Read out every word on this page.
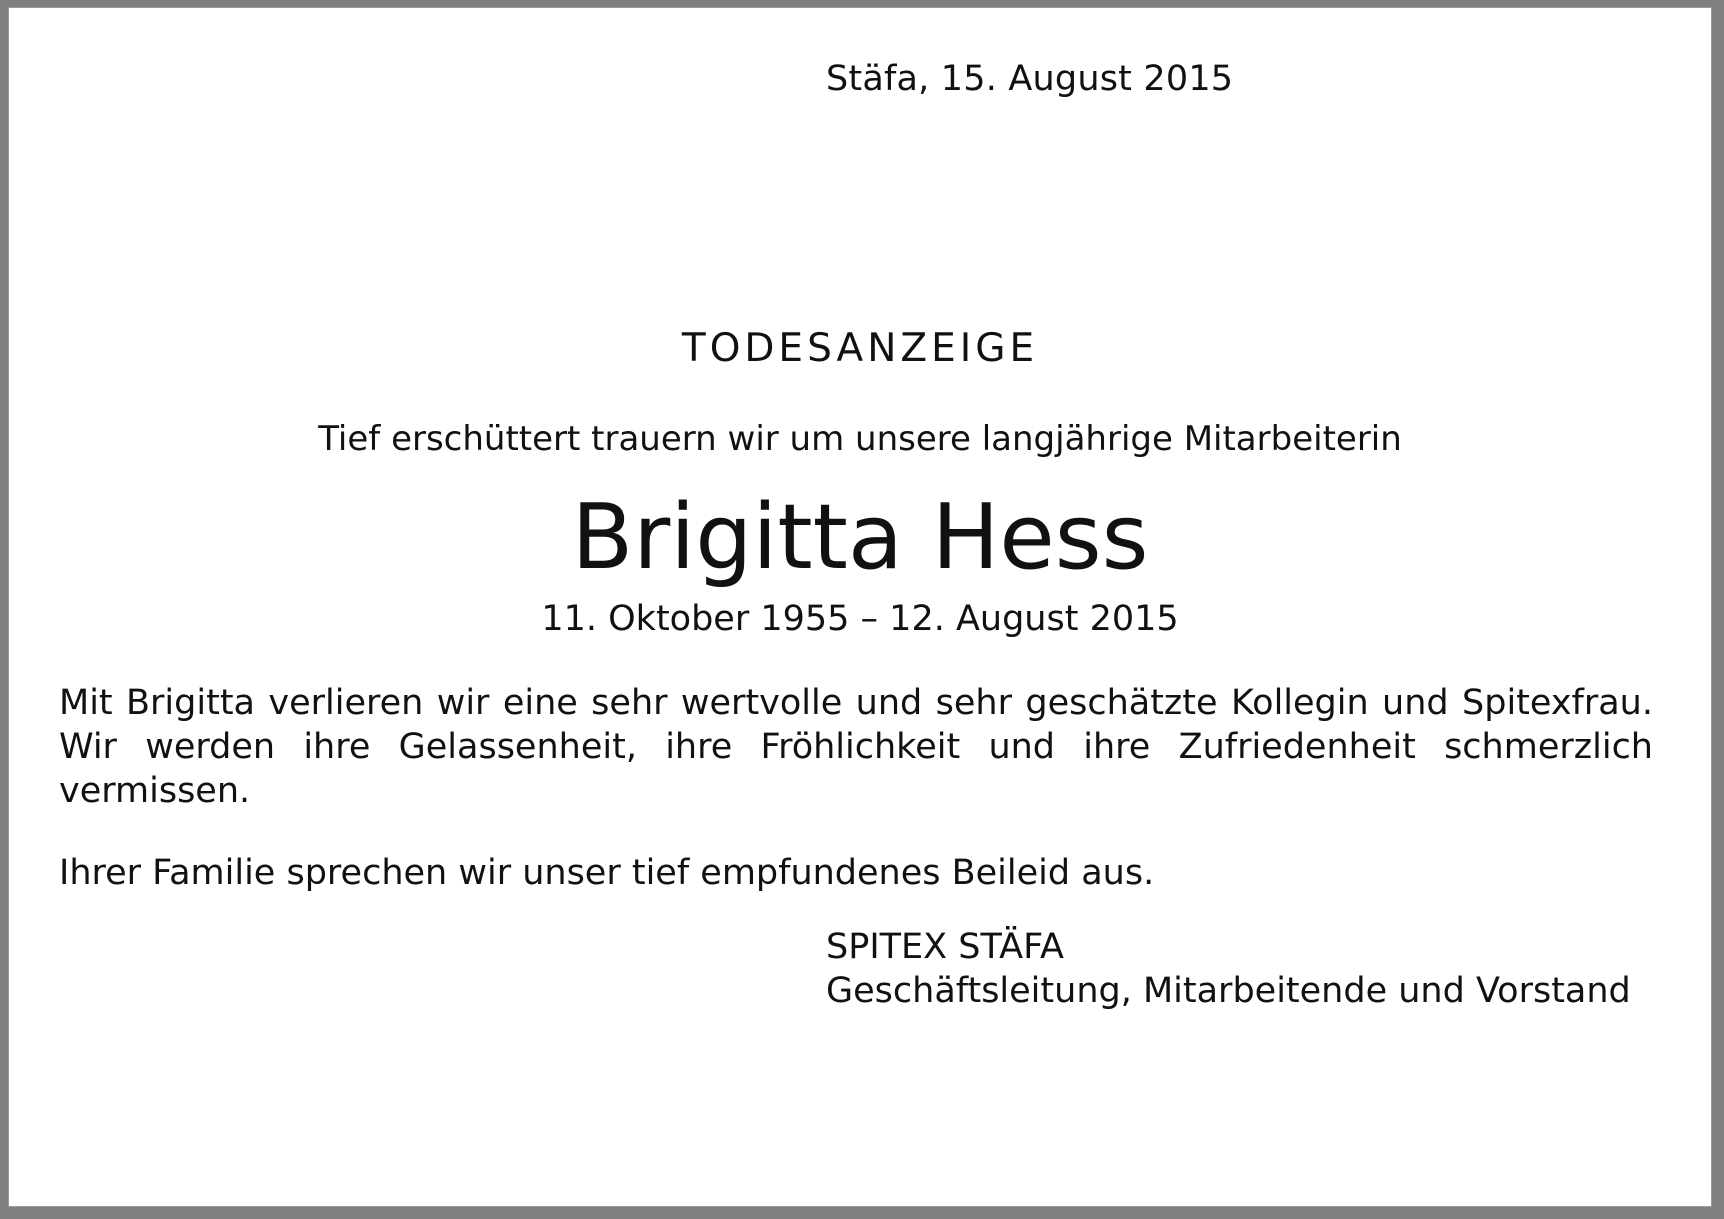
Stäfa, 15. August 2015
TODESANZEIGE
Tief erschüttert trauern wir um unsere langjährige Mitarbeiterin
Brigitta Hess
11. Oktober 1955 – 12. August 2015

Mit Brigitta verlieren wir eine sehr wertvolle und sehr geschätzte Kollegin und Spitexfrau. Wir werden ihre Gelassenheit, ihre Fröhlichkeit und ihre Zufriedenheit schmerzlich vermissen.

Ihrer Familie sprechen wir unser tief empfundenes Beileid aus.

SPITEX STÄFA
Geschäftsleitung, Mitarbeitende und Vorstand
